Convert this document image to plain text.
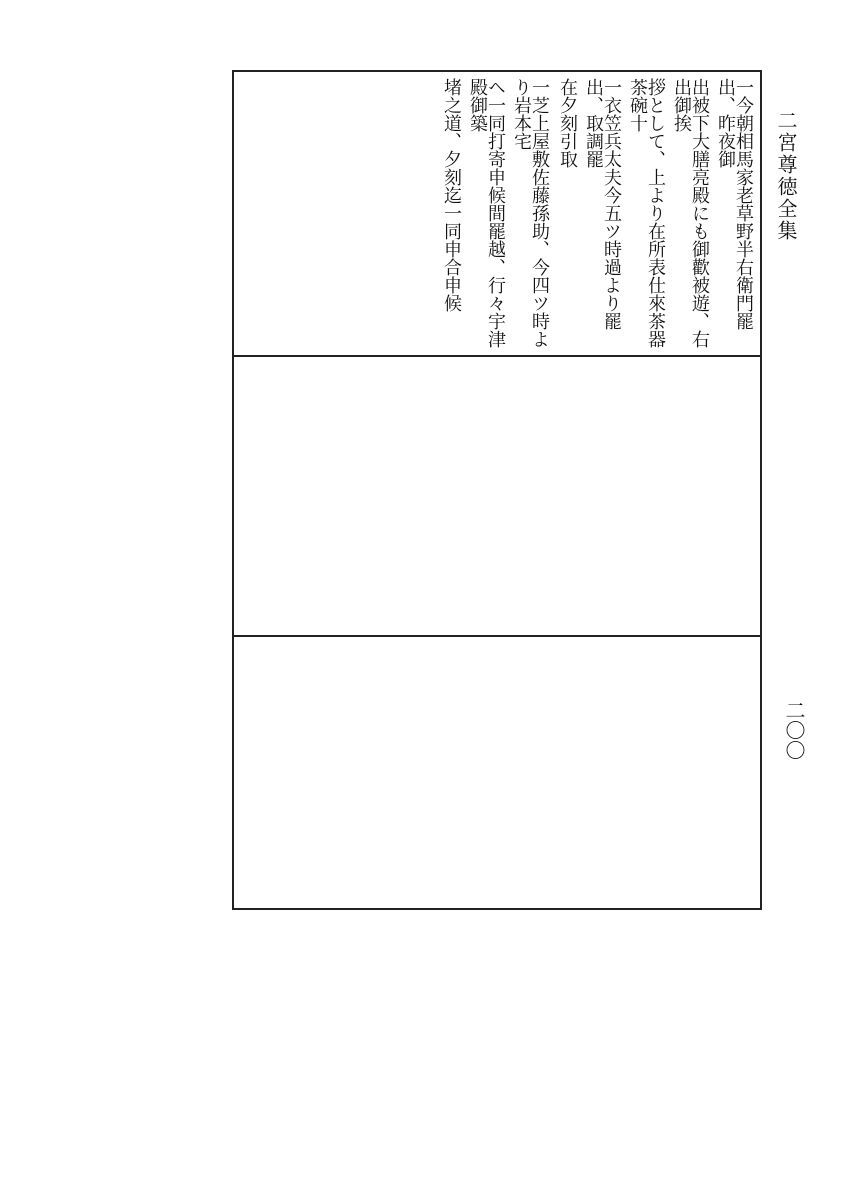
二宮尊徳全集
二〇〇
一今朝相馬家老草野半右衛門罷出、昨夜御
出被下大膳亮殿にも御歡被遊、右出御挨
拶として、上より在所表仕來茶器茶碗十
一衣笠兵太夫今五ツ時過より罷出、取調罷
在夕刻引取
一芝上屋敷佐藤孫助、今四ツ時より岩本宅
ヘ一同打寄申候間罷越、行々宇津殿御築
堵之道、夕刻迄一同申合申候
